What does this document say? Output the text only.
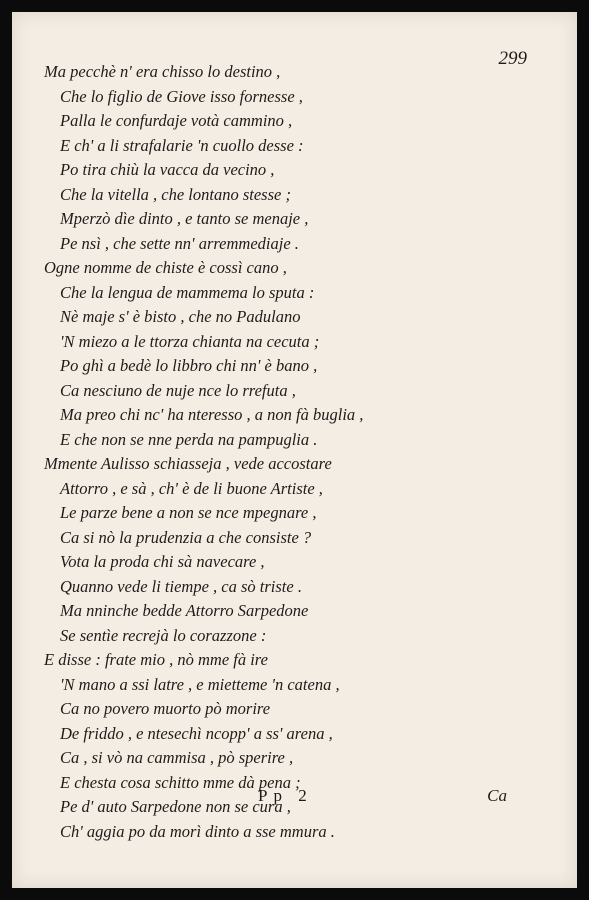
299
Ma pecchè n' era chisso lo destino ,
Che lo figlio de Giove isso fornesse ,
Palla le confurdaje votà cammino ,
E ch' a li strafalarie 'n cuollo desse :
Po tira chiù la vacca da vecino ,
Che la vitella , che lontano stesse ;
Mperzò dìe dinto , e tanto se menaje ,
Pe nsì , che sette nn' arremmediaje .
Ogne nomme de chiste è cossì cano ,
Che la lengua de mammema lo sputa :
Nè maje s' è bisto , che no Padulano
'N miezo a le ttorza chianta na cecuta ;
Po ghì a bedè lo libbro chi nn' è bano ,
Ca nesciuno de nuje nce lo rrefuta ,
Ma preo chi nc' ha nteresso , a non fà buglia ,
E che non se nne perda na pampuglia .
Mmente Aulisso schiasseja , vede accostare
Attorro , e sà , ch' è de li buone Artiste ,
Le parze bene a non se nce mpegnare ,
Ca si nò la prudenzia a che consiste ?
Vota la proda chi sà navecare ,
Quanno vede li tiempe , ca sò triste .
Ma nninche bedde Attorro Sarpedone
Se sentìe recrejà lo corazzone :
E disse : frate mio , nò mme fà ire
'N mano a ssi latre , e mietteme 'n catena ,
Ca no povero muorto pò morire
De friddo , e ntesechì ncopp' a ss' arena ,
Ca , si vò na cammisa , pò sperire ,
E chesta cosa schitto mme dà pena ;
Pe d' auto Sarpedone non se cura ,
Ch' aggia po da morì dinto a sse mmura .
Pp 2	Ca
